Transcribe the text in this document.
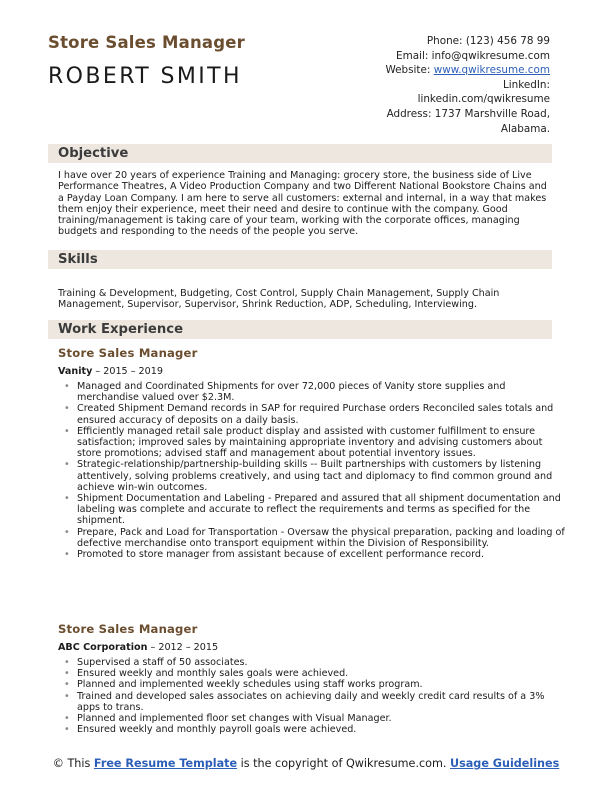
Store Sales Manager
ROBERT SMITH
Phone: (123) 456 78 99
Email: info@qwikresume.com
Website: www.qwikresume.com
LinkedIn:
linkedin.com/qwikresume
Address: 1737 Marshville Road,
Alabama.
Objective
I have over 20 years of experience Training and Managing: grocery store, the business side of Live Performance Theatres, A Video Production Company and two Different National Bookstore Chains and a Payday Loan Company. I am here to serve all customers: external and internal, in a way that makes them enjoy their experience, meet their need and desire to continue with the company. Good training/management is taking care of your team, working with the corporate offices, managing budgets and responding to the needs of the people you serve.
Skills
Training & Development, Budgeting, Cost Control, Supply Chain Management, Supply Chain Management, Supervisor, Supervisor, Shrink Reduction, ADP, Scheduling, Interviewing.
Work Experience
Store Sales Manager
Vanity – 2015 – 2019
• Managed and Coordinated Shipments for over 72,000 pieces of Vanity store supplies and merchandise valued over $2.3M.
• Created Shipment Demand records in SAP for required Purchase orders Reconciled sales totals and ensured accuracy of deposits on a daily basis.
• Efficiently managed retail sale product display and assisted with customer fulfillment to ensure satisfaction; improved sales by maintaining appropriate inventory and advising customers about store promotions; advised staff and management about potential inventory issues.
• Strategic-relationship/partnership-building skills -- Built partnerships with customers by listening attentively, solving problems creatively, and using tact and diplomacy to find common ground and achieve win-win outcomes.
• Shipment Documentation and Labeling - Prepared and assured that all shipment documentation and labeling was complete and accurate to reflect the requirements and terms as specified for the shipment.
• Prepare, Pack and Load for Transportation - Oversaw the physical preparation, packing and loading of defective merchandise onto transport equipment within the Division of Responsibility.
• Promoted to store manager from assistant because of excellent performance record.
Store Sales Manager
ABC Corporation – 2012 – 2015
• Supervised a staff of 50 associates.
• Ensured weekly and monthly sales goals were achieved.
• Planned and implemented weekly schedules using staff works program.
• Trained and developed sales associates on achieving daily and weekly credit card results of a 3% apps to trans.
• Planned and implemented floor set changes with Visual Manager.
• Ensured weekly and monthly payroll goals were achieved.
© This Free Resume Template is the copyright of Qwikresume.com. Usage Guidelines
